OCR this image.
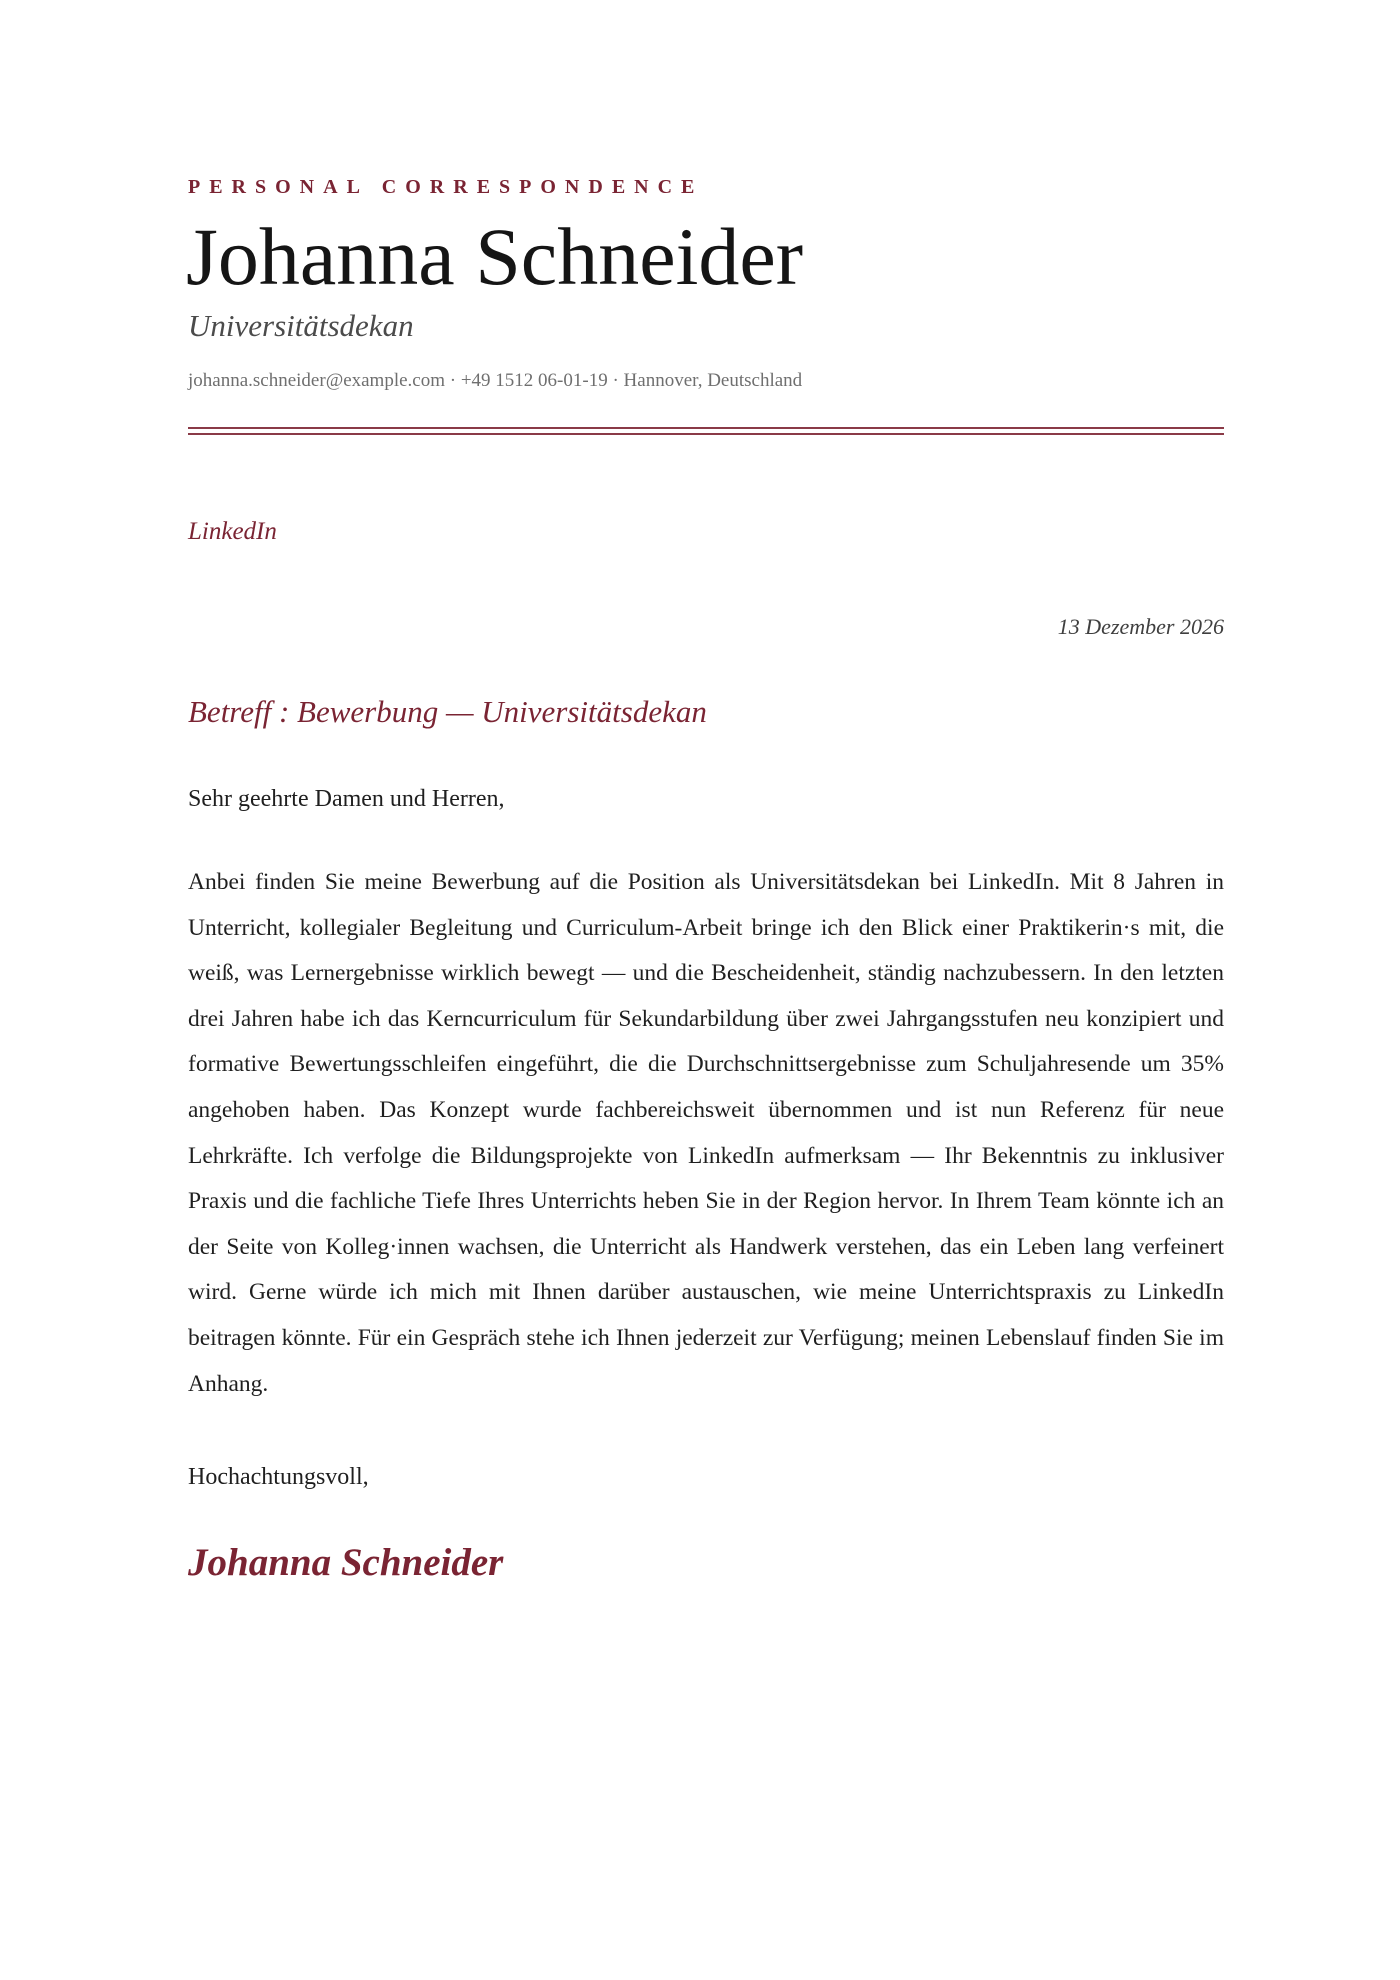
PERSONAL CORRESPONDENCE
Johanna Schneider
Universitätsdekan
johanna.schneider@example.com · +49 1512 06-01-19 · Hannover, Deutschland
LinkedIn
13 Dezember 2026
Betreff : Bewerbung — Universitätsdekan
Sehr geehrte Damen und Herren,

Anbei finden Sie meine Bewerbung auf die Position als Universitätsdekan bei LinkedIn. Mit 8 Jahren in Unterricht, kollegialer Begleitung und Curriculum-Arbeit bringe ich den Blick einer Praktikerin·s mit, die weiß, was Lernergebnisse wirklich bewegt — und die Bescheidenheit, ständig nachzubessern. In den letzten drei Jahren habe ich das Kerncurriculum für Sekundarbildung über zwei Jahrgangsstufen neu konzipiert und formative Bewertungsschleifen eingeführt, die die Durchschnittsergebnisse zum Schuljahresende um 35% angehoben haben. Das Konzept wurde fachbereichsweit übernommen und ist nun Referenz für neue Lehrkräfte. Ich verfolge die Bildungsprojekte von LinkedIn aufmerksam — Ihr Bekenntnis zu inklusiver Praxis und die fachliche Tiefe Ihres Unterrichts heben Sie in der Region hervor. In Ihrem Team könnte ich an der Seite von Kolleg·innen wachsen, die Unterricht als Handwerk verstehen, das ein Leben lang verfeinert wird. Gerne würde ich mich mit Ihnen darüber austauschen, wie meine Unterrichtspraxis zu LinkedIn beitragen könnte. Für ein Gespräch stehe ich Ihnen jederzeit zur Verfügung; meinen Lebenslauf finden Sie im Anhang.

Hochachtungsvoll,
Johanna Schneider
